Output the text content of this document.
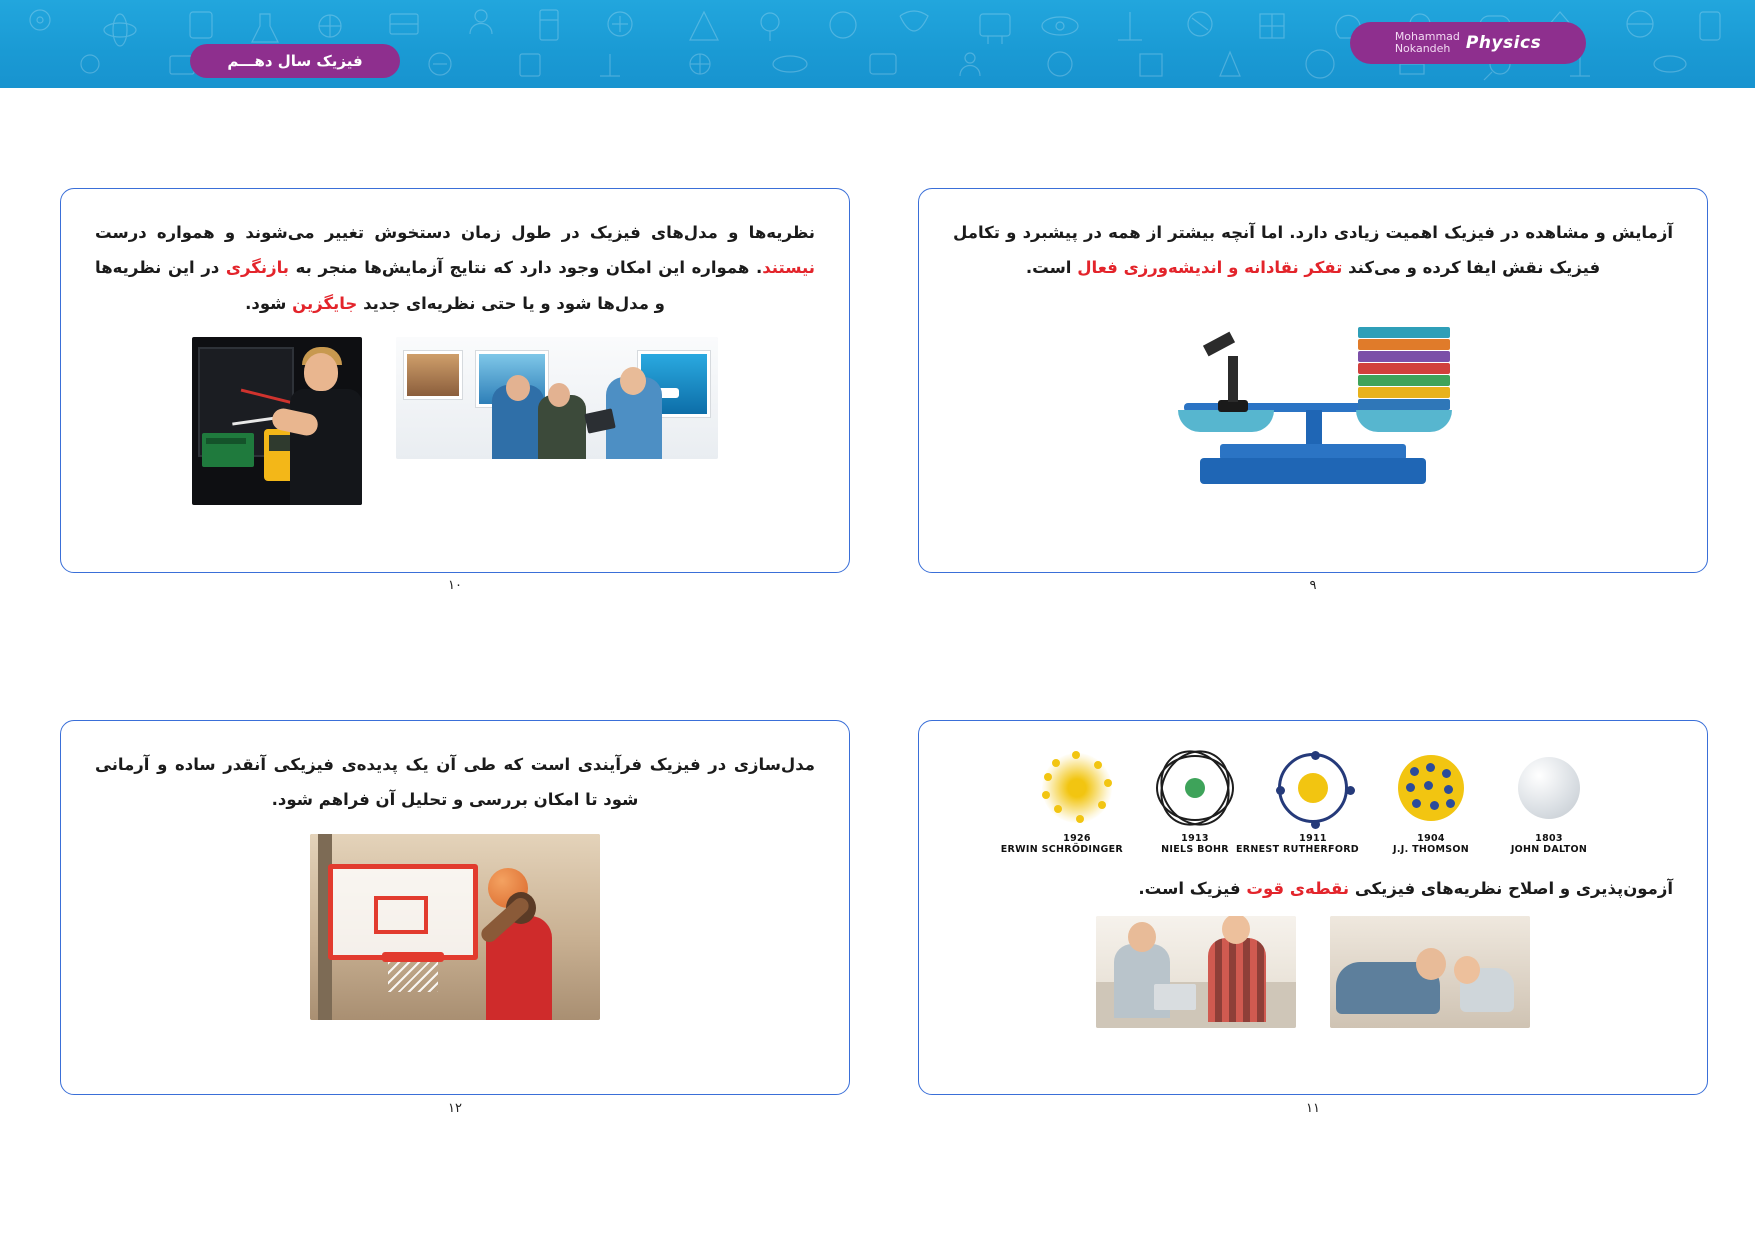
Physics
Mohammad
Nokandeh
فیزیک سال دهـــم
نظریه‌ها و مدل‌های فیزیک در طول زمان دستخوش تغییر می‌شوند و همواره درست نیستند. همواره این امکان وجود دارد که نتایج آزمایش‌ها منجر به بازنگری در این نظریه‌ها و مدل‌ها شود و یا حتی نظریه‌ای جدید جایگزین شود.
۱۰
آزمایش و مشاهده در فیزیک اهمیت زیادی دارد. اما آنچه بیشتر از همه در پیشبرد و تکامل فیزیک نقش ایفا کرده و می‌کند تفکر نقادانه و اندیشه‌ورزی فعال است.
۹
مدل‌سازی در فیزیک فرآیندی است که طی آن یک پدیده‌ی فیزیکی آنقدر ساده و آرمانی شود تا امکان بررسی و تحلیل آن فراهم شود.
۱۲
1803
JOHN DALTON
1904
J.J. THOMSON
1911
ERNEST RUTHERFORD
1913
NIELS BOHR
1926
ERWIN SCHRÖDINGER
آزمون‌پذیری و اصلاح نظریه‌های فیزیکی نقطه‌ی قوت فیزیک است.
۱۱
